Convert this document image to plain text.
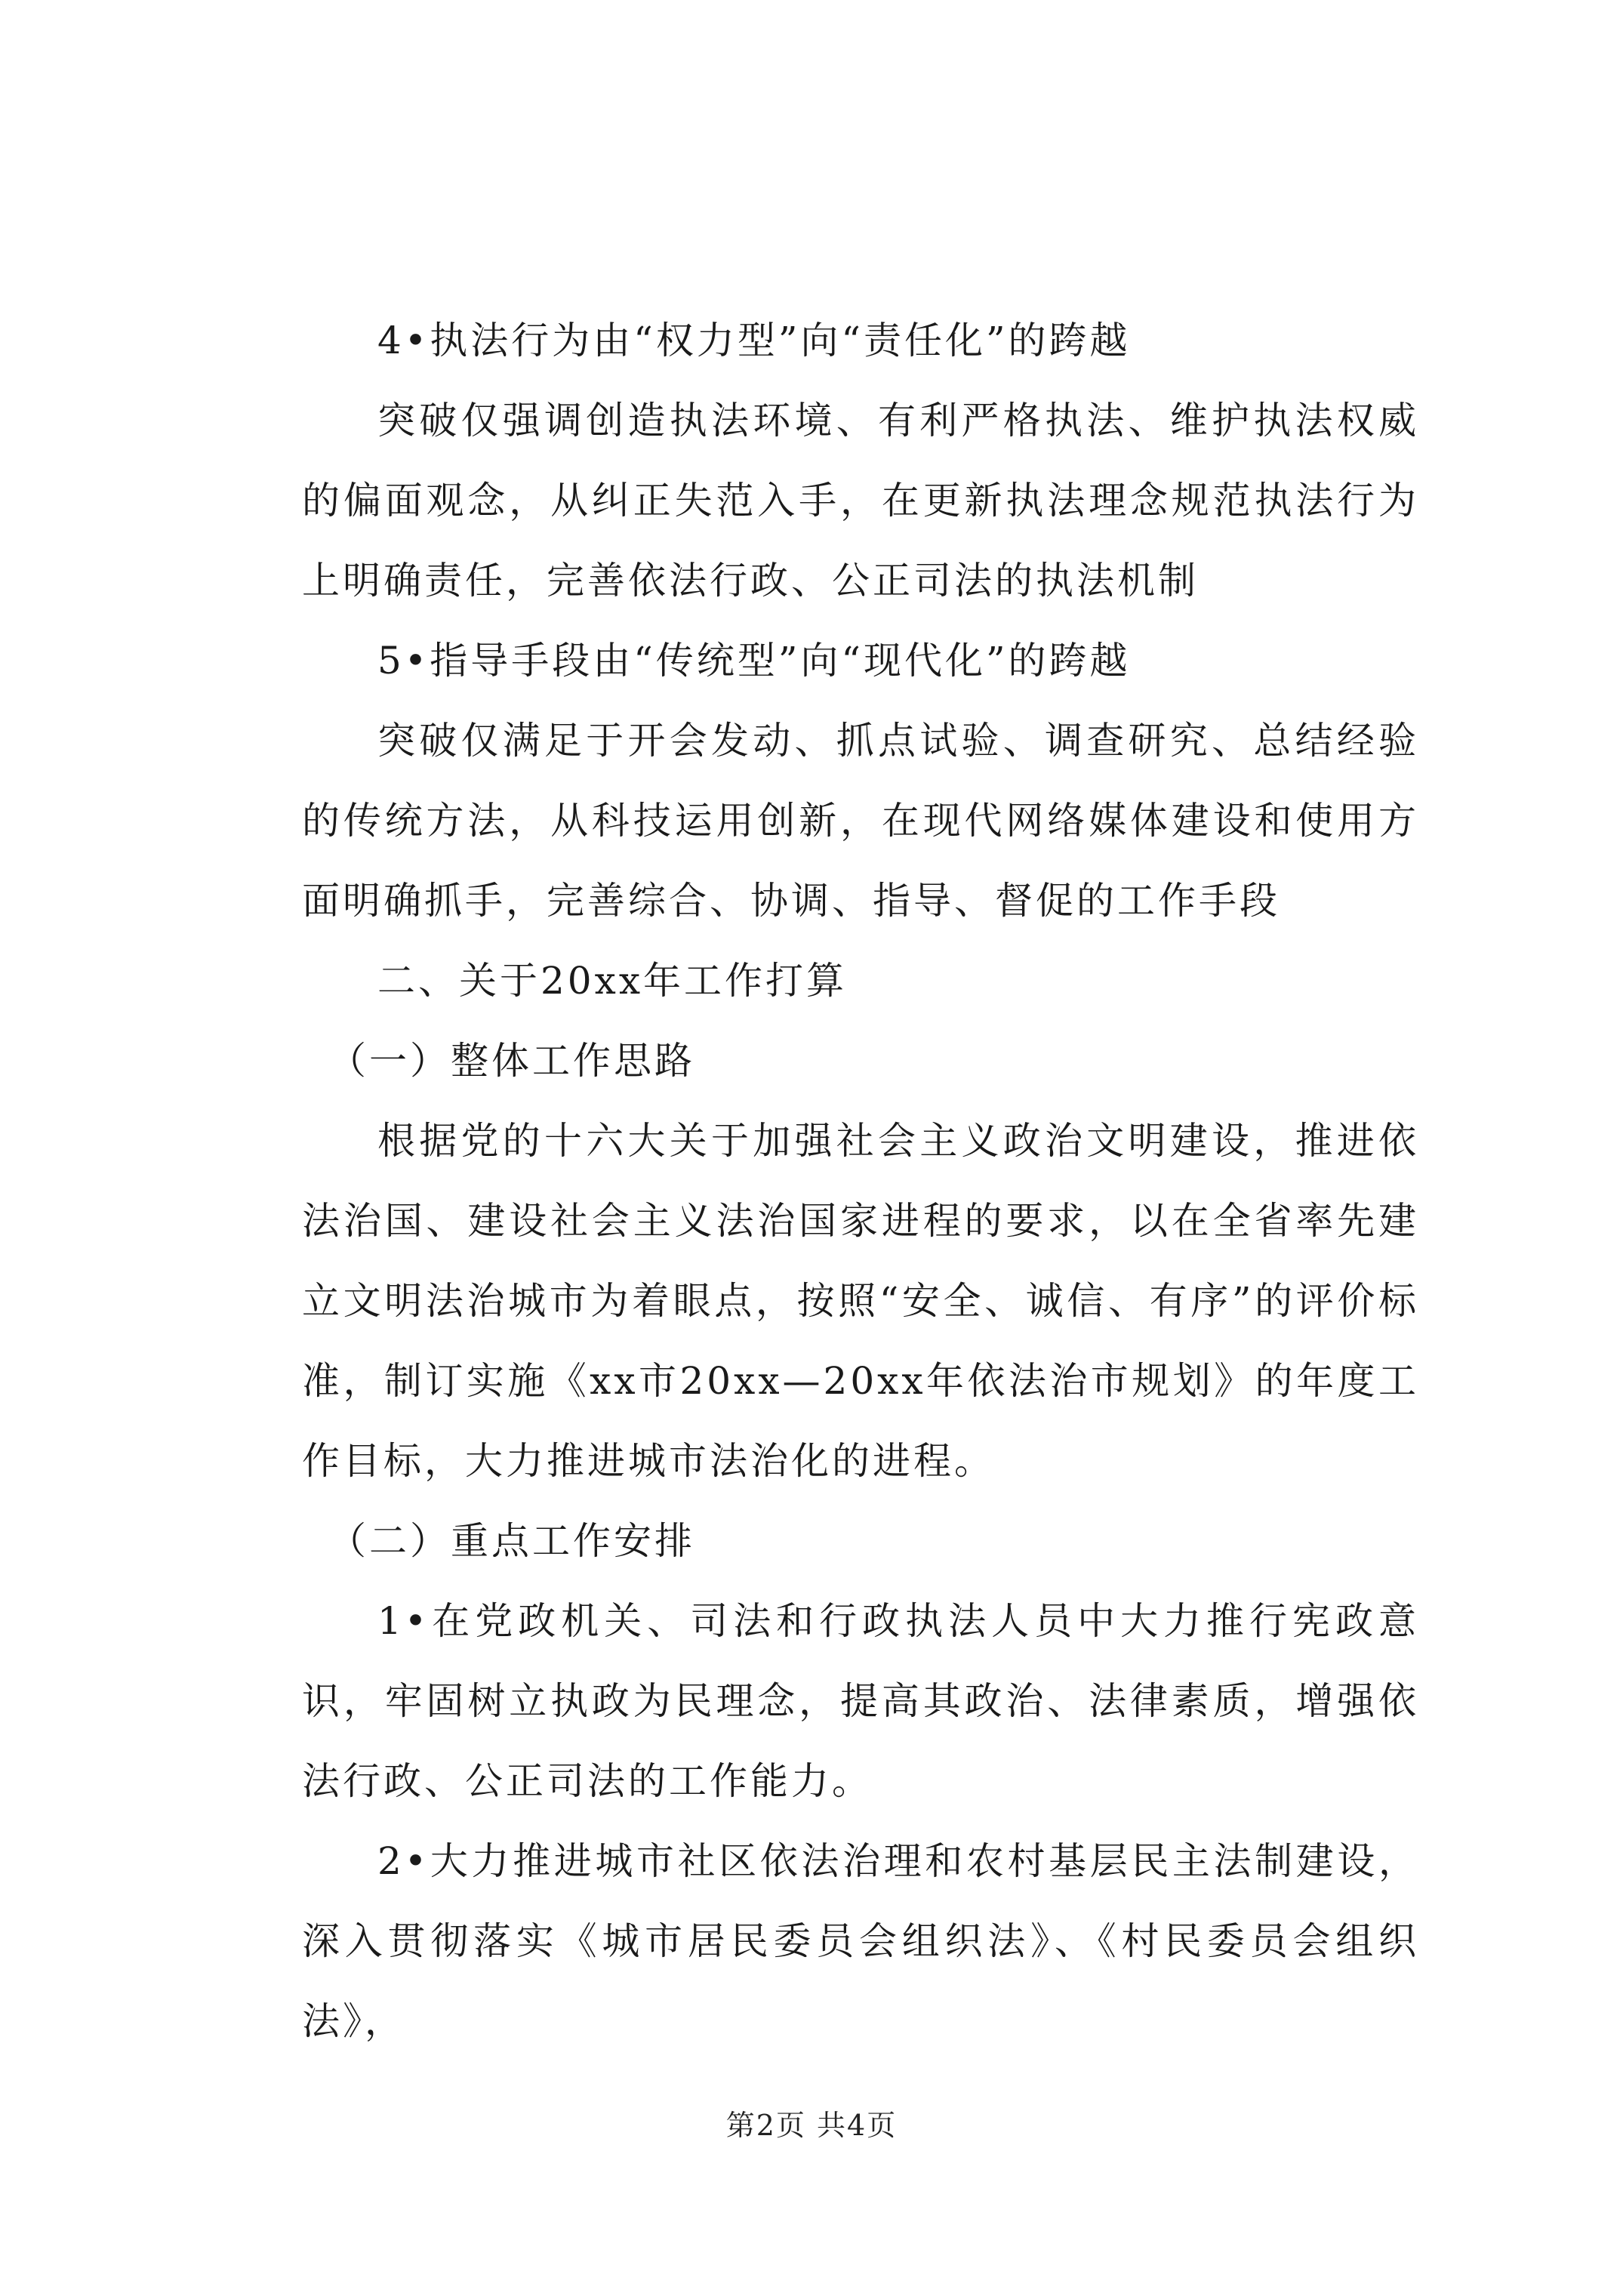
4•执法行为由“权力型”向“责任化”的跨越

突破仅强调创造执法环境、有利严格执法、维护执法权威的偏面观念，从纠正失范入手，在更新执法理念规范执法行为上明确责任，完善依法行政、公正司法的执法机制

5•指导手段由“传统型”向“现代化”的跨越

突破仅满足于开会发动、抓点试验、调查研究、总结经验的传统方法，从科技运用创新，在现代网络媒体建设和使用方面明确抓手，完善综合、协调、指导、督促的工作手段

二、关于20xx年工作打算

（一）整体工作思路

根据党的十六大关于加强社会主义政治文明建设，推进依法治国、建设社会主义法治国家进程的要求，以在全省率先建立文明法治城市为着眼点，按照“安全、诚信、有序”的评价标准，制订实施《xx市20xx—20xx年依法治市规划》的年度工作目标，大力推进城市法治化的进程。

（二）重点工作安排

1•在党政机关、司法和行政执法人员中大力推行宪政意识，牢固树立执政为民理念，提高其政治、法律素质，增强依法行政、公正司法的工作能力。

2•大力推进城市社区依法治理和农村基层民主法制建设，深入贯彻落实《城市居民委员会组织法》、《村民委员会组织法》，

第2页 共4页
